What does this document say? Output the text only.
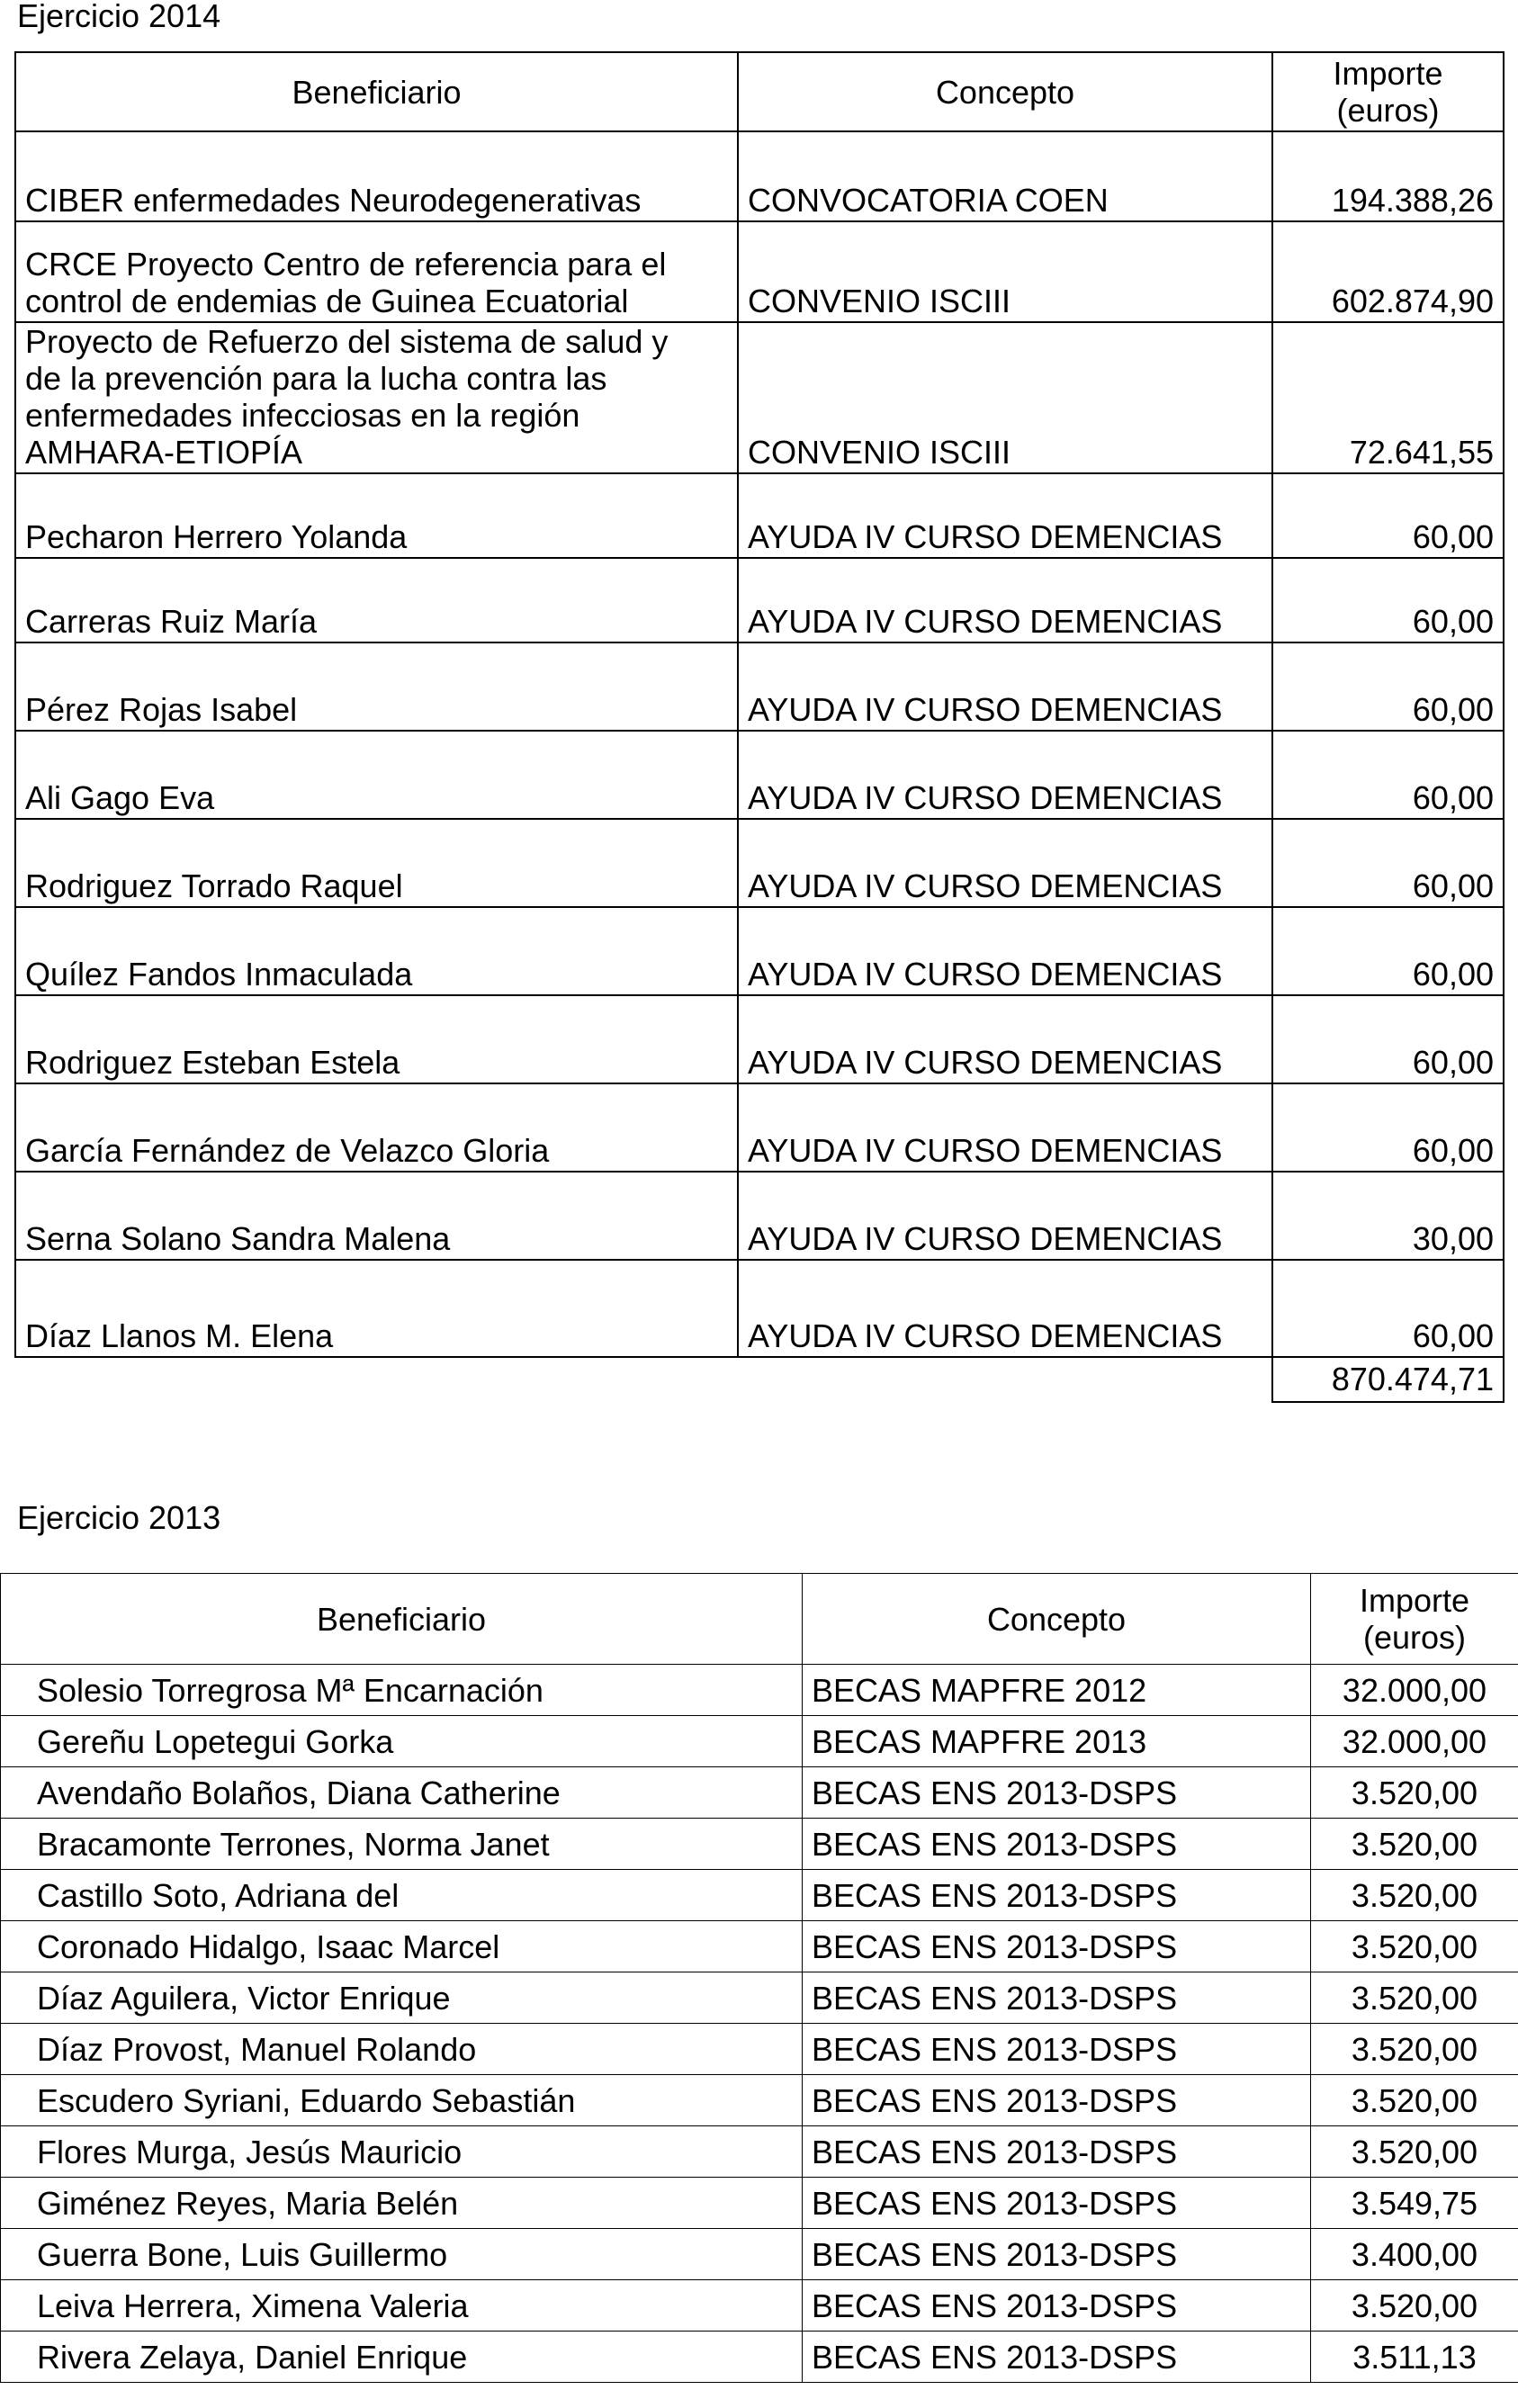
Ejercicio 2014
Beneficiario	Concepto	Importe
(euros)
CIBER enfermedades Neurodegenerativas	CONVOCATORIA COEN	194.388,26
CRCE Proyecto Centro de referencia para el
control de endemias de Guinea Ecuatorial	CONVENIO ISCIII	602.874,90
Proyecto de Refuerzo del sistema de salud y
de la prevención para la lucha contra las
enfermedades infecciosas en la región
AMHARA-ETIOPÍA	CONVENIO ISCIII	72.641,55
Pecharon Herrero Yolanda	AYUDA IV CURSO DEMENCIAS	60,00
Carreras Ruiz María	AYUDA IV CURSO DEMENCIAS	60,00
Pérez Rojas Isabel	AYUDA IV CURSO DEMENCIAS	60,00
Ali Gago Eva	AYUDA IV CURSO DEMENCIAS	60,00
Rodriguez Torrado Raquel	AYUDA IV CURSO DEMENCIAS	60,00
Quílez Fandos Inmaculada	AYUDA IV CURSO DEMENCIAS	60,00
Rodriguez Esteban Estela	AYUDA IV CURSO DEMENCIAS	60,00
García Fernández de Velazco Gloria	AYUDA IV CURSO DEMENCIAS	60,00
Serna Solano Sandra Malena	AYUDA IV CURSO DEMENCIAS	30,00
Díaz Llanos M. Elena	AYUDA IV CURSO DEMENCIAS	60,00
		870.474,71
Ejercicio 2013
Beneficiario	Concepto	Importe
(euros)
Solesio Torregrosa Mª Encarnación	BECAS MAPFRE 2012	32.000,00
Gereñu Lopetegui Gorka	BECAS MAPFRE 2013	32.000,00
Avendaño Bolaños, Diana Catherine	BECAS ENS 2013-DSPS	3.520,00
Bracamonte Terrones, Norma Janet	BECAS ENS 2013-DSPS	3.520,00
Castillo Soto, Adriana del	BECAS ENS 2013-DSPS	3.520,00
Coronado Hidalgo, Isaac Marcel	BECAS ENS 2013-DSPS	3.520,00
Díaz Aguilera, Victor Enrique	BECAS ENS 2013-DSPS	3.520,00
Díaz Provost, Manuel Rolando	BECAS ENS 2013-DSPS	3.520,00
Escudero Syriani, Eduardo Sebastián	BECAS ENS 2013-DSPS	3.520,00
Flores Murga, Jesús Mauricio	BECAS ENS 2013-DSPS	3.520,00
Giménez Reyes, Maria Belén	BECAS ENS 2013-DSPS	3.549,75
Guerra Bone, Luis Guillermo	BECAS ENS 2013-DSPS	3.400,00
Leiva Herrera, Ximena Valeria	BECAS ENS 2013-DSPS	3.520,00
Rivera Zelaya, Daniel Enrique	BECAS ENS 2013-DSPS	3.511,13
